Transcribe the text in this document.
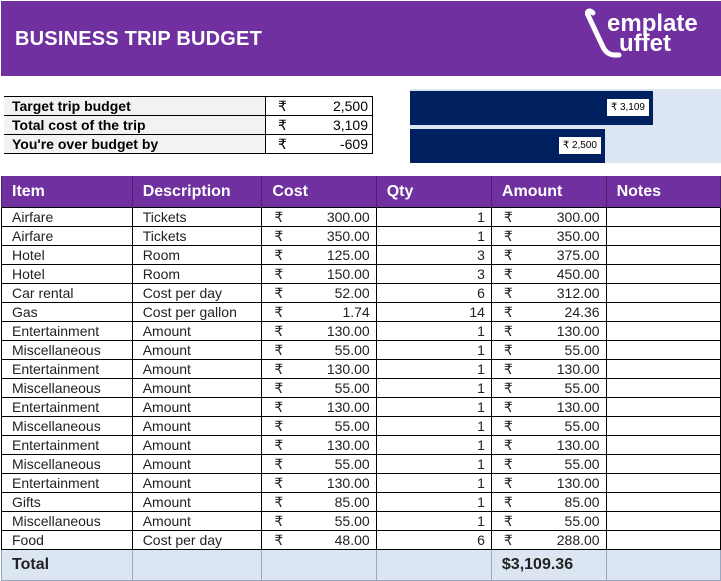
BUSINESS TRIP BUDGET
emplate
uffet
Target trip budget	₹ 2,500

Total cost of the trip	₹ 3,109

You're over budget by	₹ -609
₹ 3,109
₹ 2,500
Item	Description	Cost	Qty	Amount	Notes
Airfare	Tickets	₹ 300.00	1	₹ 300.00	

Airfare	Tickets	₹ 350.00	1	₹ 350.00	

Hotel	Room	₹ 125.00	3	₹ 375.00	

Hotel	Room	₹ 150.00	3	₹ 450.00	

Car rental	Cost per day	₹ 52.00	6	₹ 312.00	

Gas	Cost per gallon	₹ 1.74	14	₹ 24.36	

Entertainment	Amount	₹ 130.00	1	₹ 130.00	

Miscellaneous	Amount	₹ 55.00	1	₹ 55.00	

Entertainment	Amount	₹ 130.00	1	₹ 130.00	

Miscellaneous	Amount	₹ 55.00	1	₹ 55.00	

Entertainment	Amount	₹ 130.00	1	₹ 130.00	

Miscellaneous	Amount	₹ 55.00	1	₹ 55.00	

Entertainment	Amount	₹ 130.00	1	₹ 130.00	

Miscellaneous	Amount	₹ 55.00	1	₹ 55.00	

Entertainment	Amount	₹ 130.00	1	₹ 130.00	

Gifts	Amount	₹ 85.00	1	₹ 85.00	

Miscellaneous	Amount	₹ 55.00	1	₹ 55.00	

Food	Cost per day	₹ 48.00	6	₹ 288.00	

Total				$3,109.36	
